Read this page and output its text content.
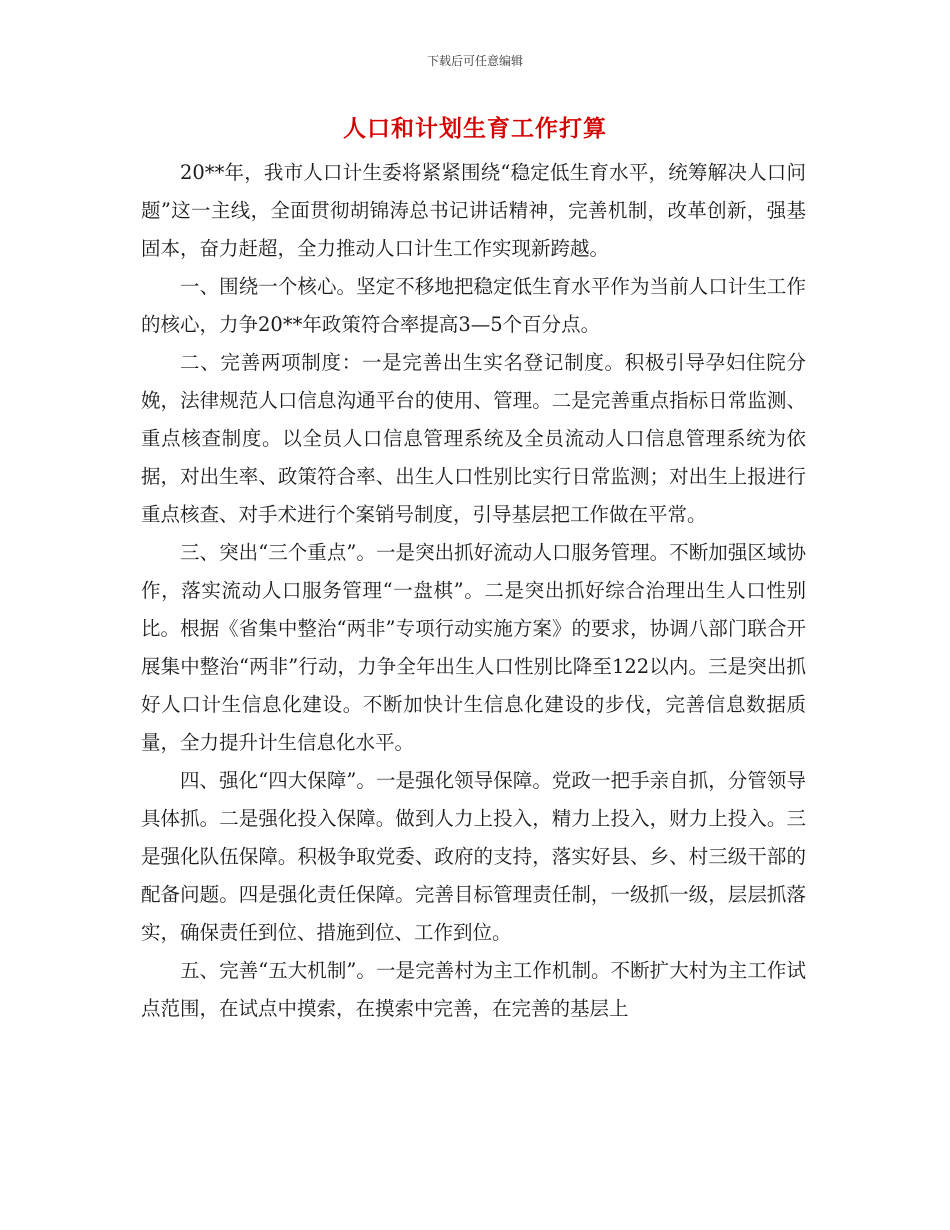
下载后可任意编辑
人口和计划生育工作打算

20**年，我市人口计生委将紧紧围绕“稳定低生育水平，统筹解决人口问题”这一主线，全面贯彻胡锦涛总书记讲话精神，完善机制，改革创新，强基固本，奋力赶超，全力推动人口计生工作实现新跨越。

一、围绕一个核心。坚定不移地把稳定低生育水平作为当前人口计生工作的核心，力争20**年政策符合率提高3—5个百分点。

二、完善两项制度：一是完善出生实名登记制度。积极引导孕妇住院分娩，法律规范人口信息沟通平台的使用、管理。二是完善重点指标日常监测、重点核查制度。以全员人口信息管理系统及全员流动人口信息管理系统为依据，对出生率、政策符合率、出生人口性别比实行日常监测；对出生上报进行重点核查、对手术进行个案销号制度，引导基层把工作做在平常。

三、突出“三个重点”。一是突出抓好流动人口服务管理。不断加强区域协作，落实流动人口服务管理“一盘棋”。二是突出抓好综合治理出生人口性别比。根据《省集中整治“两非”专项行动实施方案》的要求，协调八部门联合开展集中整治“两非”行动，力争全年出生人口性别比降至122以内。三是突出抓好人口计生信息化建设。不断加快计生信息化建设的步伐，完善信息数据质量，全力提升计生信息化水平。

四、强化“四大保障”。一是强化领导保障。党政一把手亲自抓，分管领导具体抓。二是强化投入保障。做到人力上投入，精力上投入，财力上投入。三是强化队伍保障。积极争取党委、政府的支持，落实好县、乡、村三级干部的配备问题。四是强化责任保障。完善目标管理责任制，一级抓一级，层层抓落实，确保责任到位、措施到位、工作到位。

五、完善“五大机制”。一是完善村为主工作机制。不断扩大村为主工作试点范围，在试点中摸索，在摸索中完善，在完善的基层上
